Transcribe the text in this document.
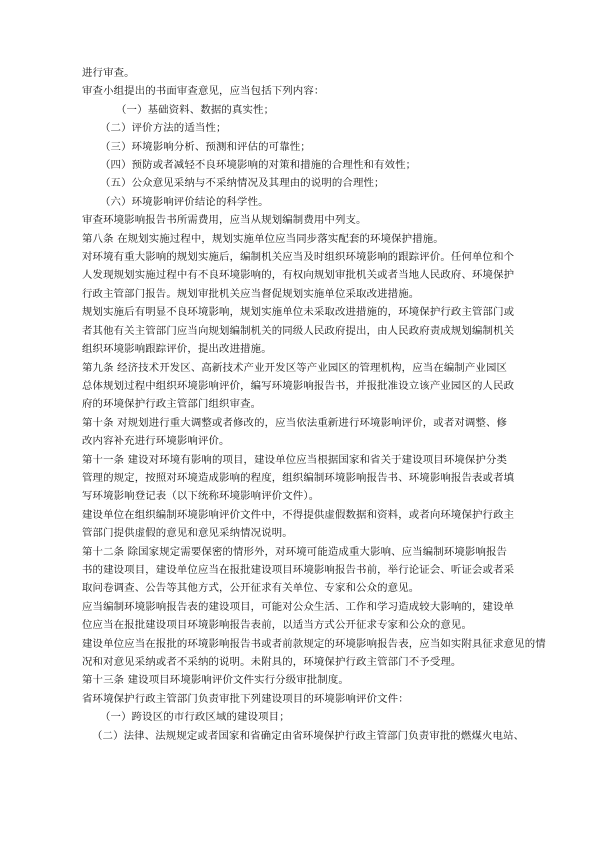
进行审查。
审查小组提出的书面审查意见，应当包括下列内容：
（一）基础资料、数据的真实性；
（二）评价方法的适当性；
（三）环境影响分析、预测和评估的可靠性；
（四）预防或者减轻不良环境影响的对策和措施的合理性和有效性；
（五）公众意见采纳与不采纳情况及其理由的说明的合理性；
（六）环境影响评价结论的科学性。
审查环境影响报告书所需费用，应当从规划编制费用中列支。
第八条 在规划实施过程中，规划实施单位应当同步落实配套的环境保护措施。
对环境有重大影响的规划实施后，编制机关应当及时组织环境影响的跟踪评价。任何单位和个
人发现规划实施过程中有不良环境影响的，有权向规划审批机关或者当地人民政府、环境保护
行政主管部门报告。规划审批机关应当督促规划实施单位采取改进措施。
规划实施后有明显不良环境影响，规划实施单位未采取改进措施的，环境保护行政主管部门或
者其他有关主管部门应当向规划编制机关的同级人民政府提出，由人民政府责成规划编制机关
组织环境影响跟踪评价，提出改进措施。
第九条 经济技术开发区、高新技术产业开发区等产业园区的管理机构，应当在编制产业园区
总体规划过程中组织环境影响评价，编写环境影响报告书，并报批准设立该产业园区的人民政
府的环境保护行政主管部门组织审查。
第十条 对规划进行重大调整或者修改的，应当依法重新进行环境影响评价，或者对调整、修
改内容补充进行环境影响评价。
第十一条 建设对环境有影响的项目，建设单位应当根据国家和省关于建设项目环境保护分类
管理的规定，按照对环境造成影响的程度，组织编制环境影响报告书、环境影响报告表或者填
写环境影响登记表（以下统称环境影响评价文件）。
建设单位在组织编制环境影响评价文件中，不得提供虚假数据和资料，或者向环境保护行政主
管部门提供虚假的意见和意见采纳情况说明。
第十二条 除国家规定需要保密的情形外，对环境可能造成重大影响、应当编制环境影响报告
书的建设项目，建设单位应当在报批建设项目环境影响报告书前，举行论证会、听证会或者采
取问卷调查、公告等其他方式，公开征求有关单位、专家和公众的意见。
应当编制环境影响报告表的建设项目，可能对公众生活、工作和学习造成较大影响的，建设单
位应当在报批建设项目环境影响报告表前，以适当方式公开征求专家和公众的意见。
建设单位应当在报批的环境影响报告书或者前款规定的环境影响报告表，应当如实附具征求意见的情
况和对意见采纳或者不采纳的说明。未附具的，环境保护行政主管部门不予受理。
第十三条 建设项目环境影响评价文件实行分级审批制度。
省环境保护行政主管部门负责审批下列建设项目的环境影响评价文件：
（一）跨设区的市行政区域的建设项目；
（二）法律、法规规定或者国家和省确定由省环境保护行政主管部门负责审批的燃煤火电站、
